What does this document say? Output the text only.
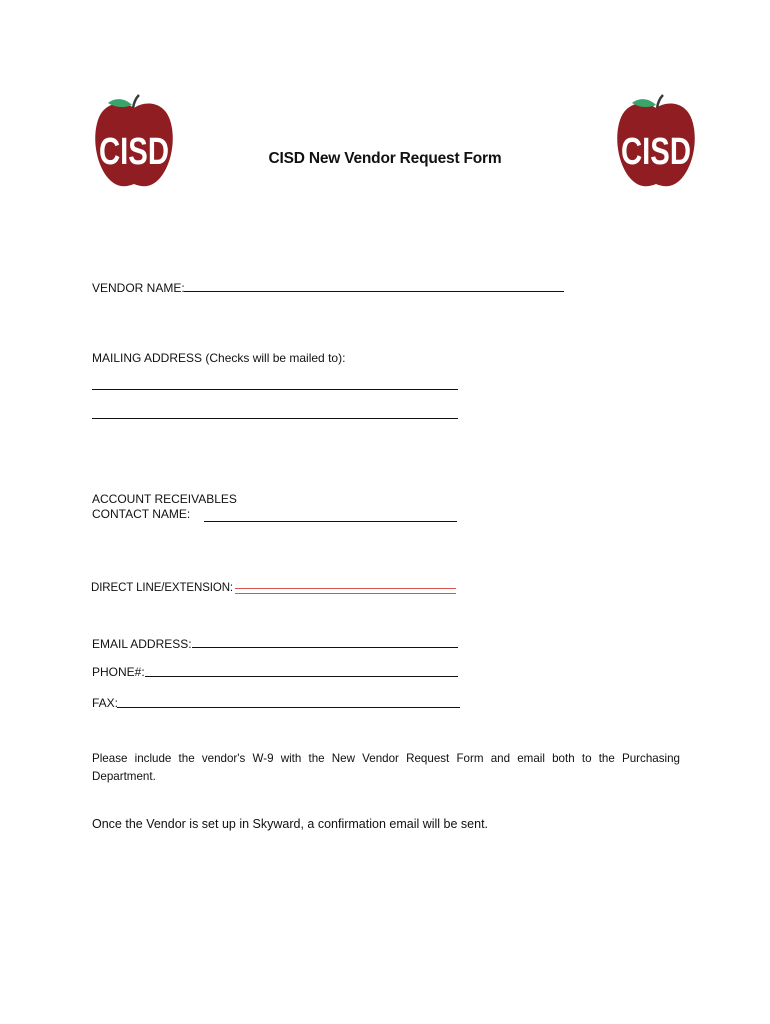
CISD	CISD
CISD New Vendor Request Form
VENDOR NAME:
MAILING ADDRESS (Checks will be mailed to):
ACCOUNT RECEIVABLES
CONTACT NAME:
DIRECT LINE/EXTENSION:
EMAIL ADDRESS:
PHONE#:
FAX:
Please include the vendor's W-9 with the New Vendor Request Form and email both to the Purchasing Department.
Once the Vendor is set up in Skyward, a confirmation email will be sent.
